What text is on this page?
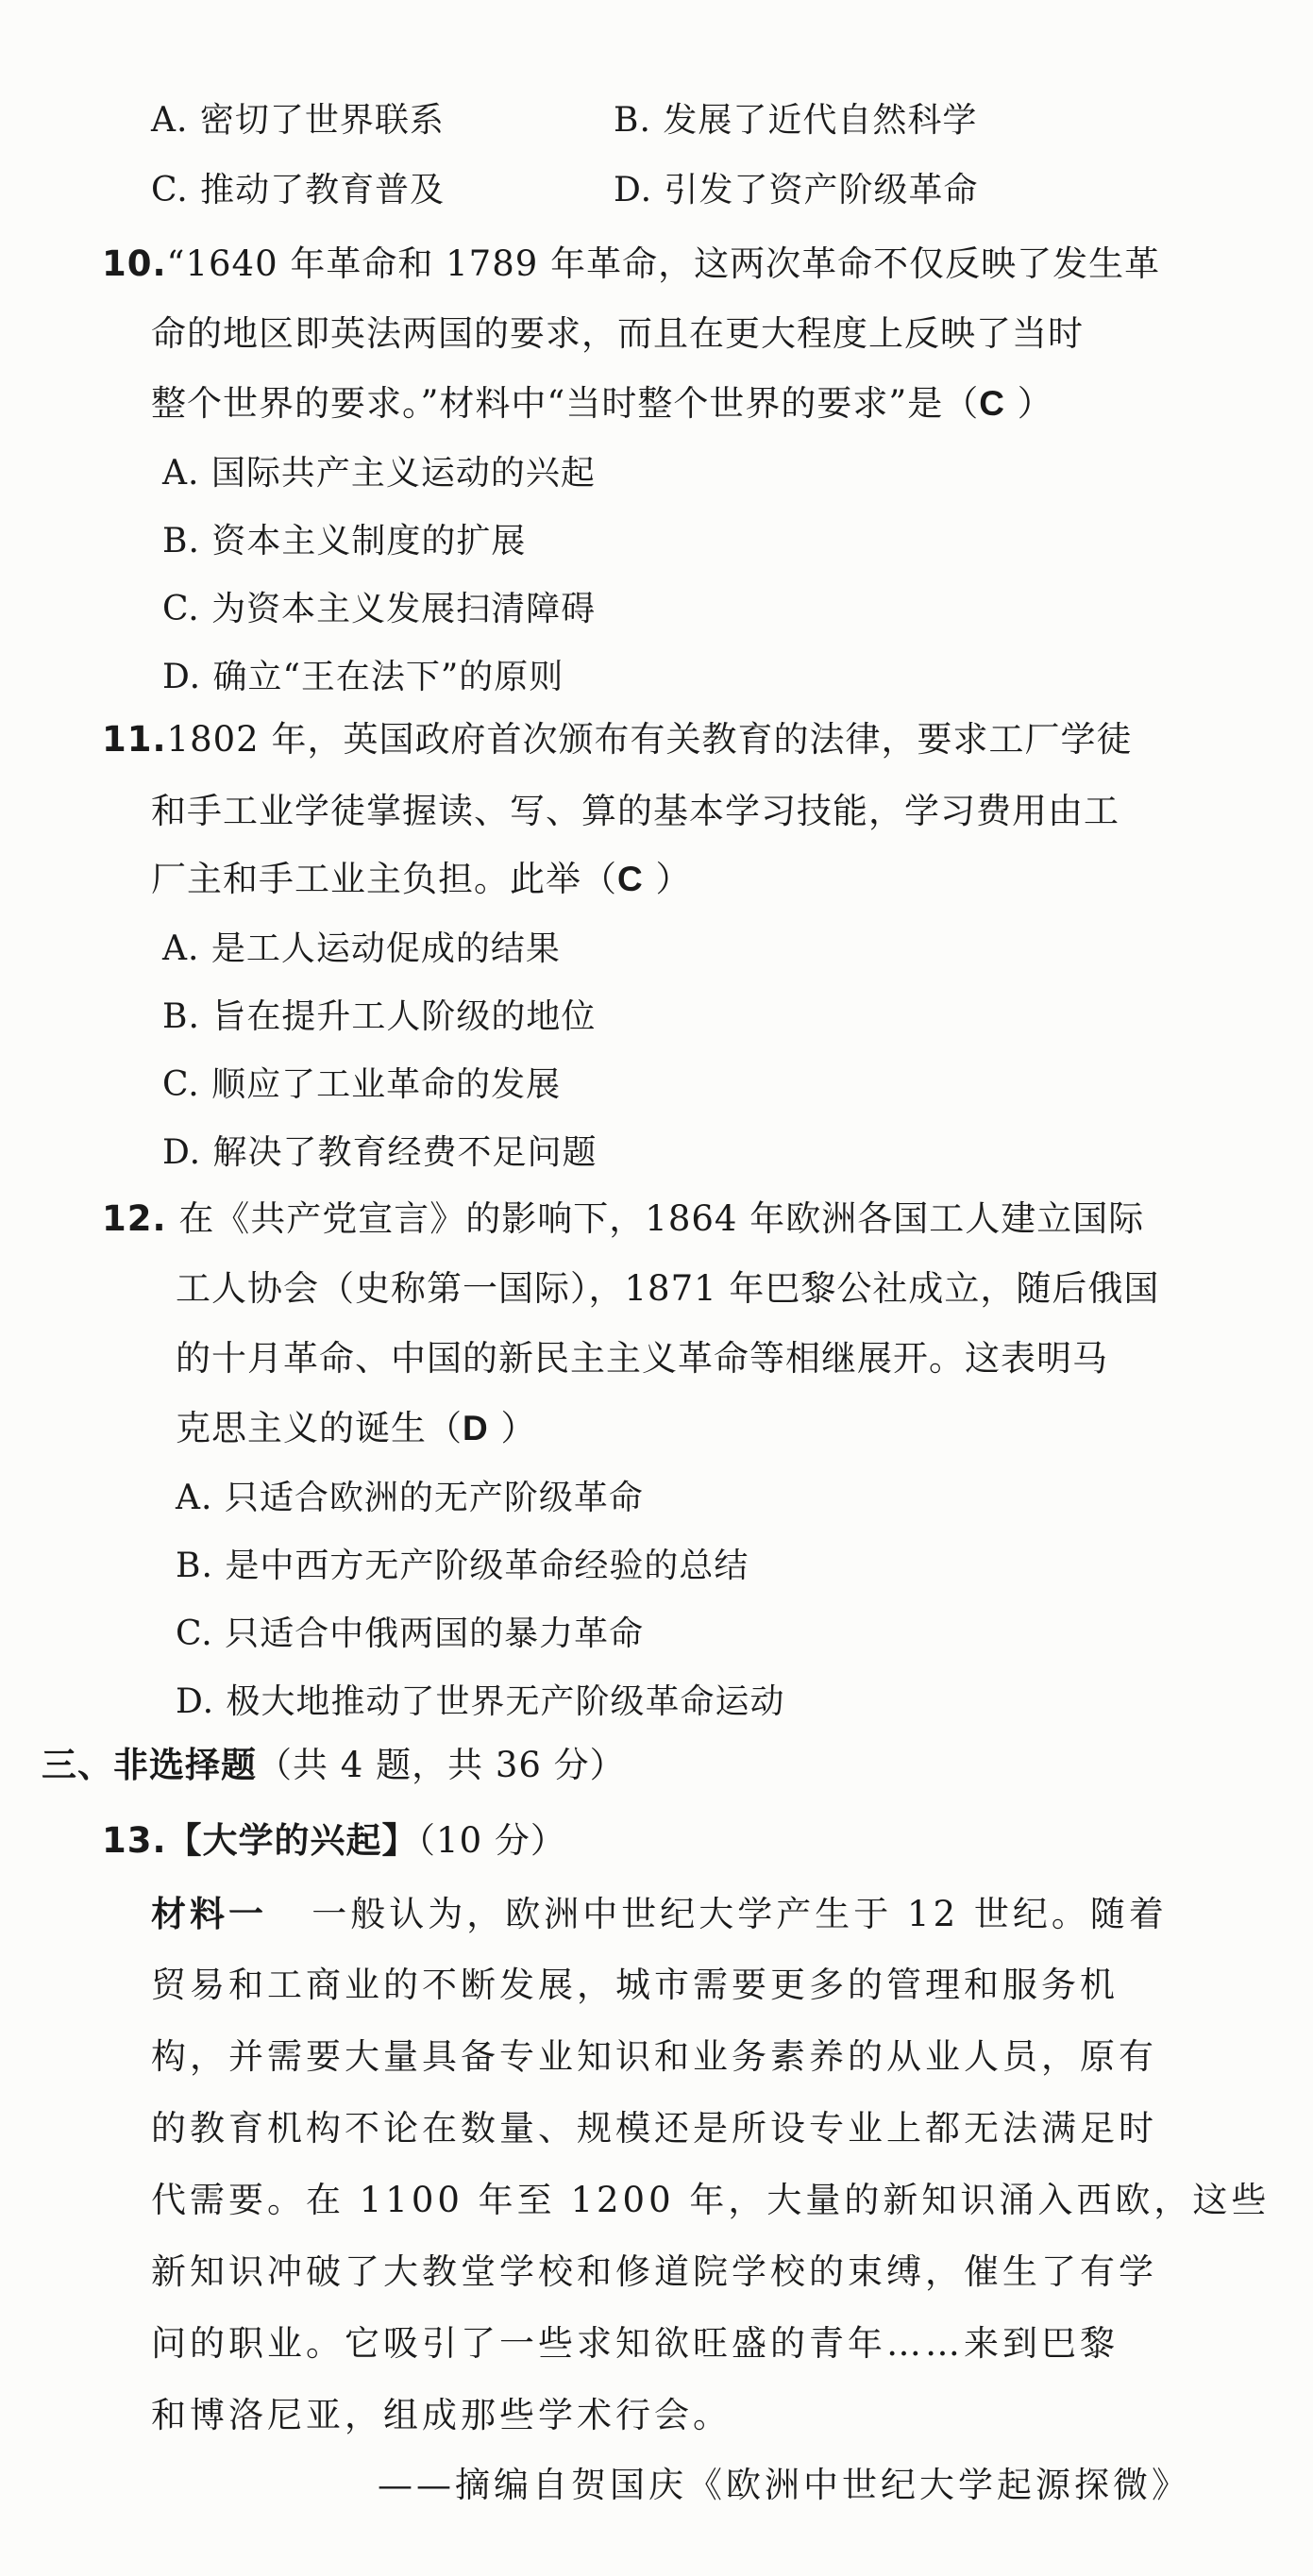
A. 密切了世界联系	B. 发展了近代自然科学
C. 推动了教育普及	D. 引发了资产阶级革命
10.“1640 年革命和 1789 年革命，这两次革命不仅反映了发生革
命的地区即英法两国的要求，而且在更大程度上反映了当时
整个世界的要求。”材料中“当时整个世界的要求”是（C ）
A. 国际共产主义运动的兴起
B. 资本主义制度的扩展
C. 为资本主义发展扫清障碍
D. 确立“王在法下”的原则
11.1802 年，英国政府首次颁布有关教育的法律，要求工厂学徒
和手工业学徒掌握读、写、算的基本学习技能，学习费用由工
厂主和手工业主负担。此举（C ）
A. 是工人运动促成的结果
B. 旨在提升工人阶级的地位
C. 顺应了工业革命的发展
D. 解决了教育经费不足问题
12. 在《共产党宣言》的影响下，1864 年欧洲各国工人建立国际
工人协会（史称第一国际），1871 年巴黎公社成立，随后俄国
的十月革命、中国的新民主主义革命等相继展开。这表明马
克思主义的诞生（D ）
A. 只适合欧洲的无产阶级革命
B. 是中西方无产阶级革命经验的总结
C. 只适合中俄两国的暴力革命
D. 极大地推动了世界无产阶级革命运动
三、非选择题（共 4 题，共 36 分）
13.【大学的兴起】（10 分）
材料一 一般认为，欧洲中世纪大学产生于 12 世纪。随着
贸易和工商业的不断发展，城市需要更多的管理和服务机
构，并需要大量具备专业知识和业务素养的从业人员，原有
的教育机构不论在数量、规模还是所设专业上都无法满足时
代需要。在 1100 年至 1200 年，大量的新知识涌入西欧，这些
新知识冲破了大教堂学校和修道院学校的束缚，催生了有学
问的职业。它吸引了一些求知欲旺盛的青年……来到巴黎
和博洛尼亚，组成那些学术行会。
——摘编自贺国庆《欧洲中世纪大学起源探微》
